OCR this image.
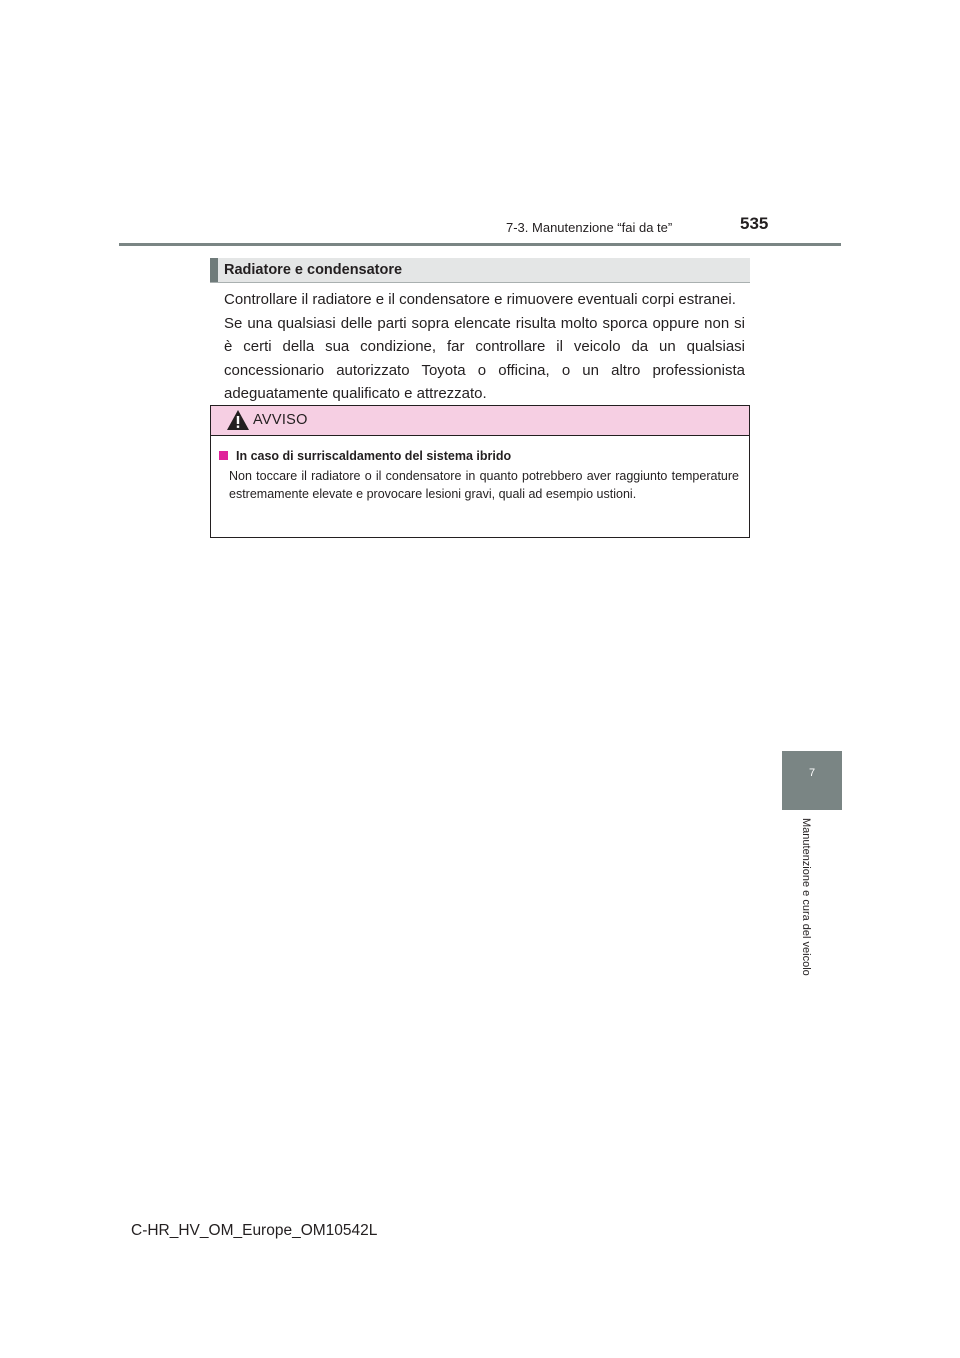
7-3. Manutenzione “fai da te”	535
Radiatore e condensatore

Controllare il radiatore e il condensatore e rimuovere eventuali corpi estranei.

Se una qualsiasi delle parti sopra elencate risulta molto sporca oppure non si è certi della sua condizione, far controllare il veicolo da un qualsiasi concessionario autorizzato Toyota o officina, o un altro professionista adeguatamente qualificato e attrezzato.

AVVISO
In caso di surriscaldamento del sistema ibrido
Non toccare il radiatore o il condensatore in quanto potrebbero aver raggiunto temperature estremamente elevate e provocare lesioni gravi, quali ad esempio ustioni.
7
Manutenzione e cura del veicolo
C-HR_HV_OM_Europe_OM10542L
